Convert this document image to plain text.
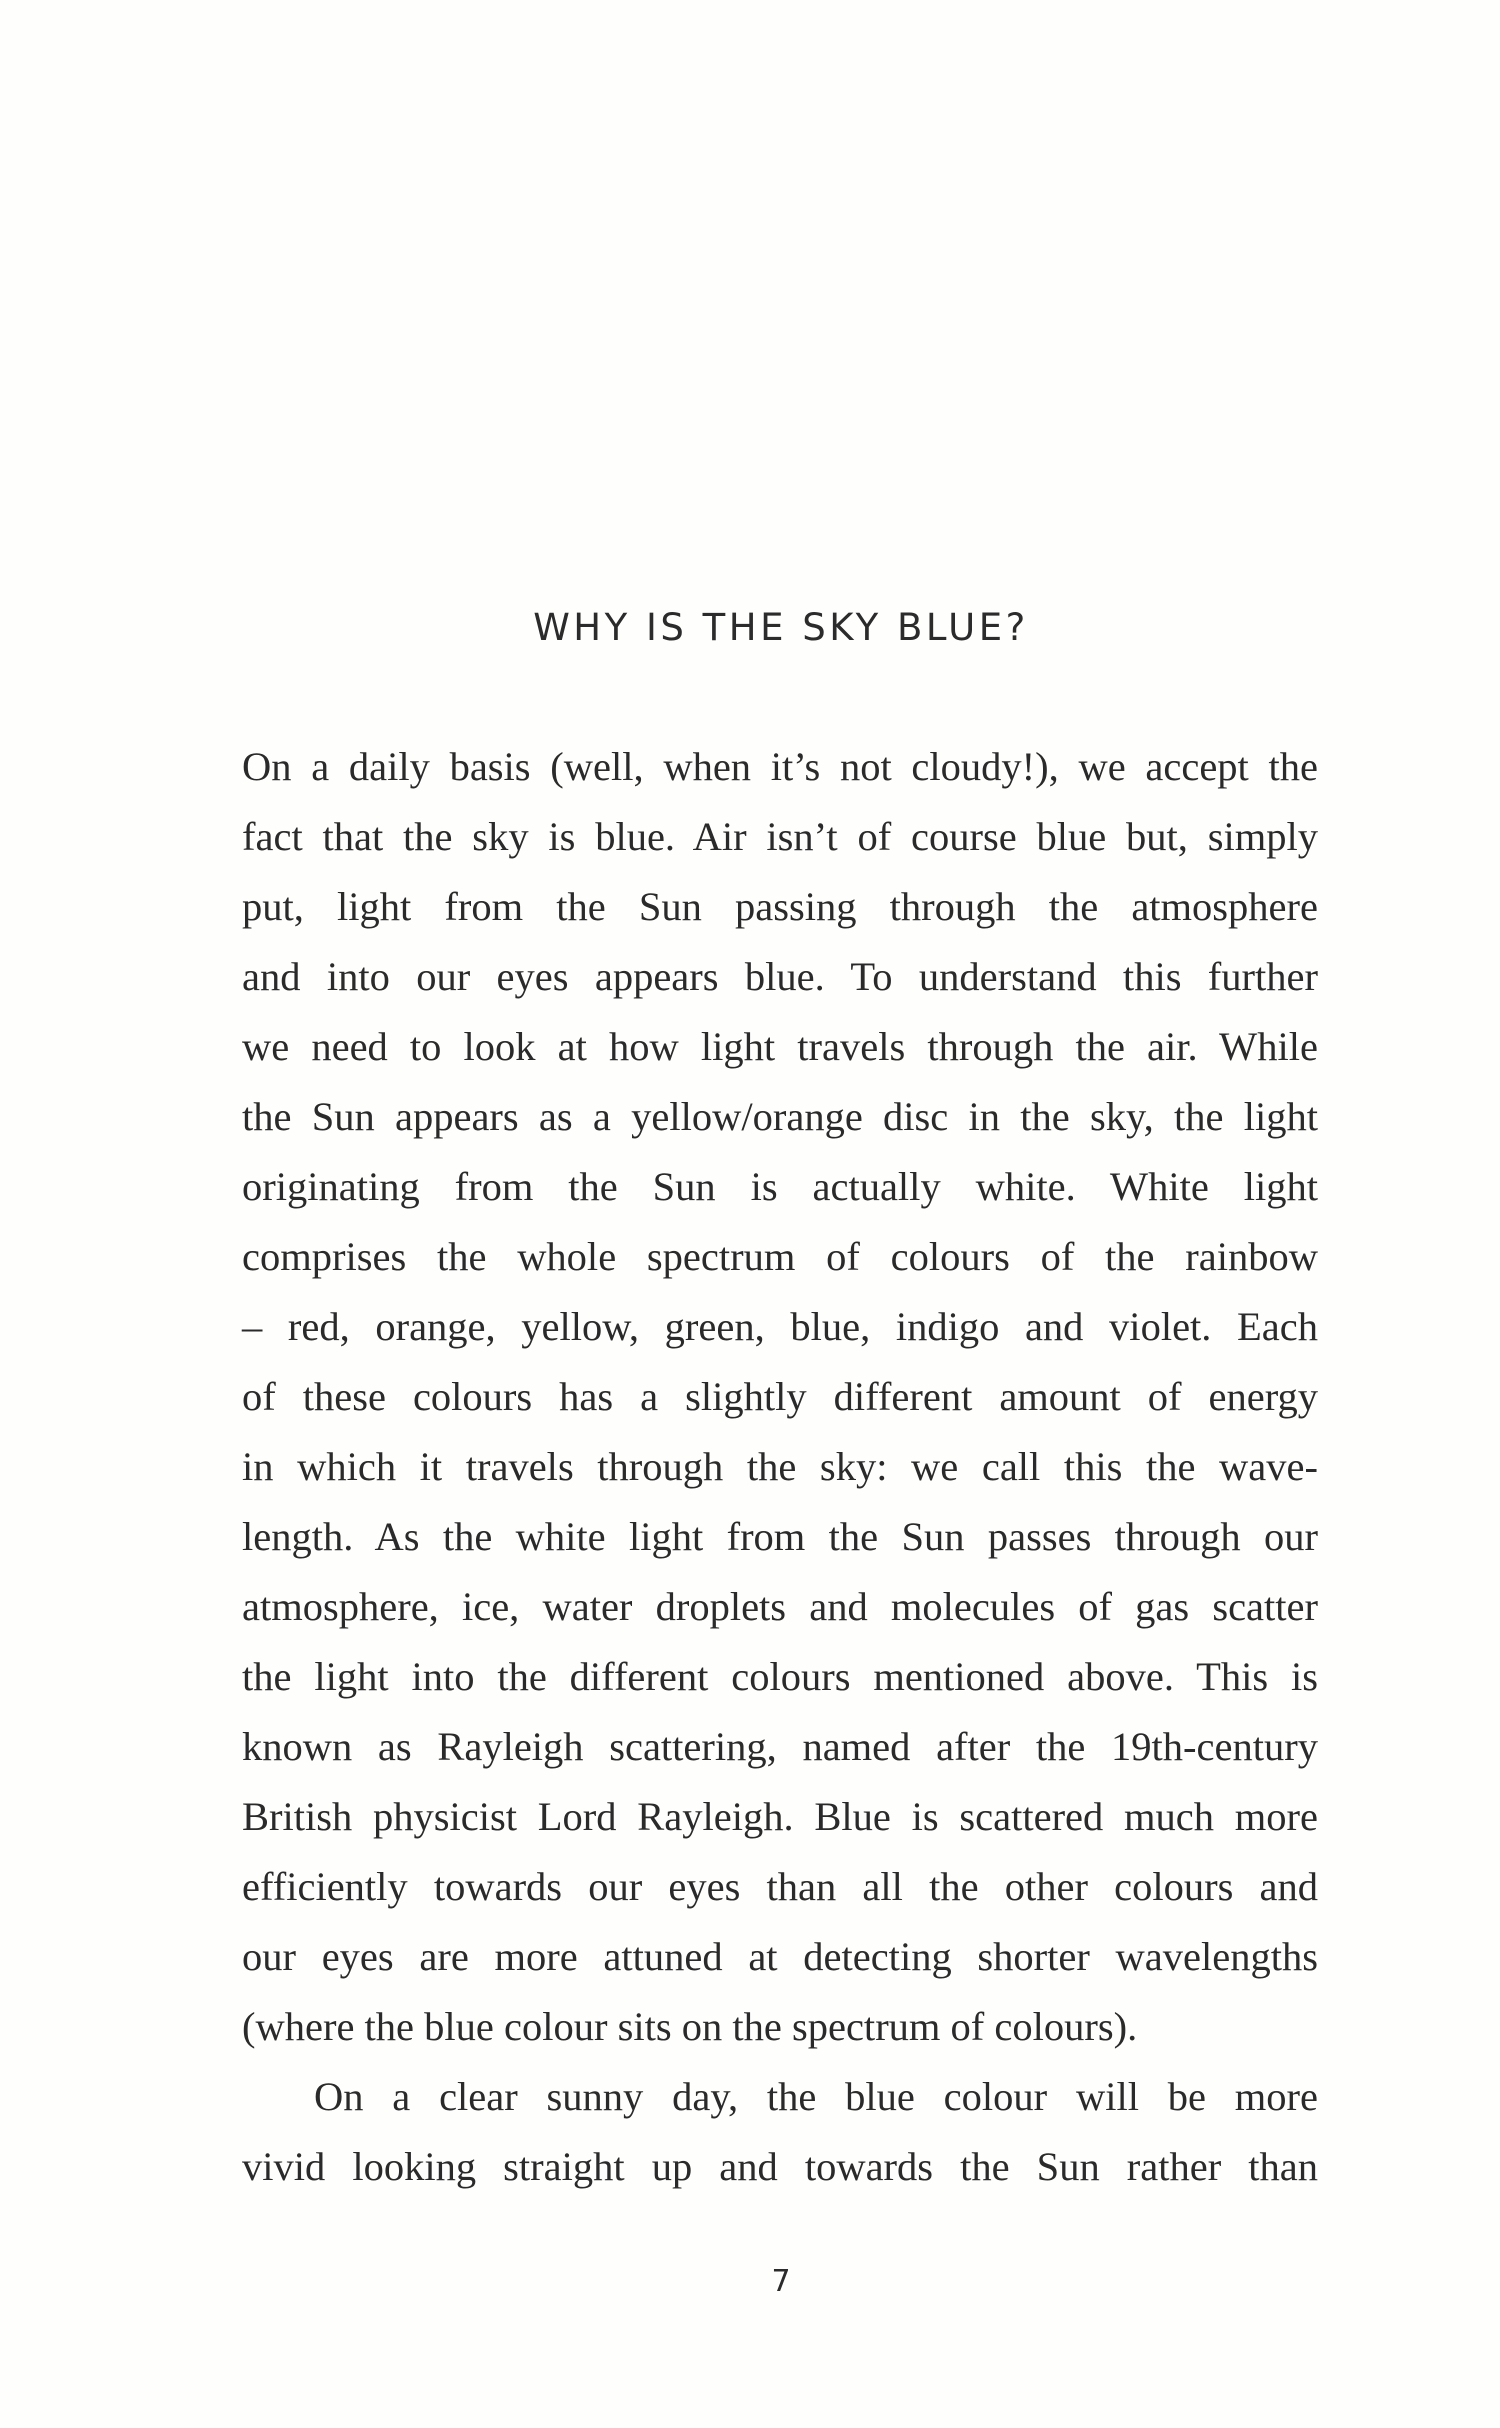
WHY IS THE SKY BLUE?
On a daily basis (well, when it’s not cloudy!), we accept the
fact that the sky is blue. Air isn’t of course blue but, simply
put, light from the Sun passing through the atmosphere
and into our eyes appears blue. To understand this further
we need to look at how light travels through the air. While
the Sun appears as a yellow/orange disc in the sky, the light
originating from the Sun is actually white. White light
comprises the whole spectrum of colours of the rainbow
– red, orange, yellow, green, blue, indigo and violet. Each
of these colours has a slightly different amount of energy
in which it travels through the sky: we call this the wave-
length. As the white light from the Sun passes through our
atmosphere, ice, water droplets and molecules of gas scatter
the light into the different colours mentioned above. This is
known as Rayleigh scattering, named after the 19th-century
British physicist Lord Rayleigh. Blue is scattered much more
efficiently towards our eyes than all the other colours and
our eyes are more attuned at detecting shorter wavelengths
(where the blue colour sits on the spectrum of colours).
On a clear sunny day, the blue colour will be more
vivid looking straight up and towards the Sun rather than
7
